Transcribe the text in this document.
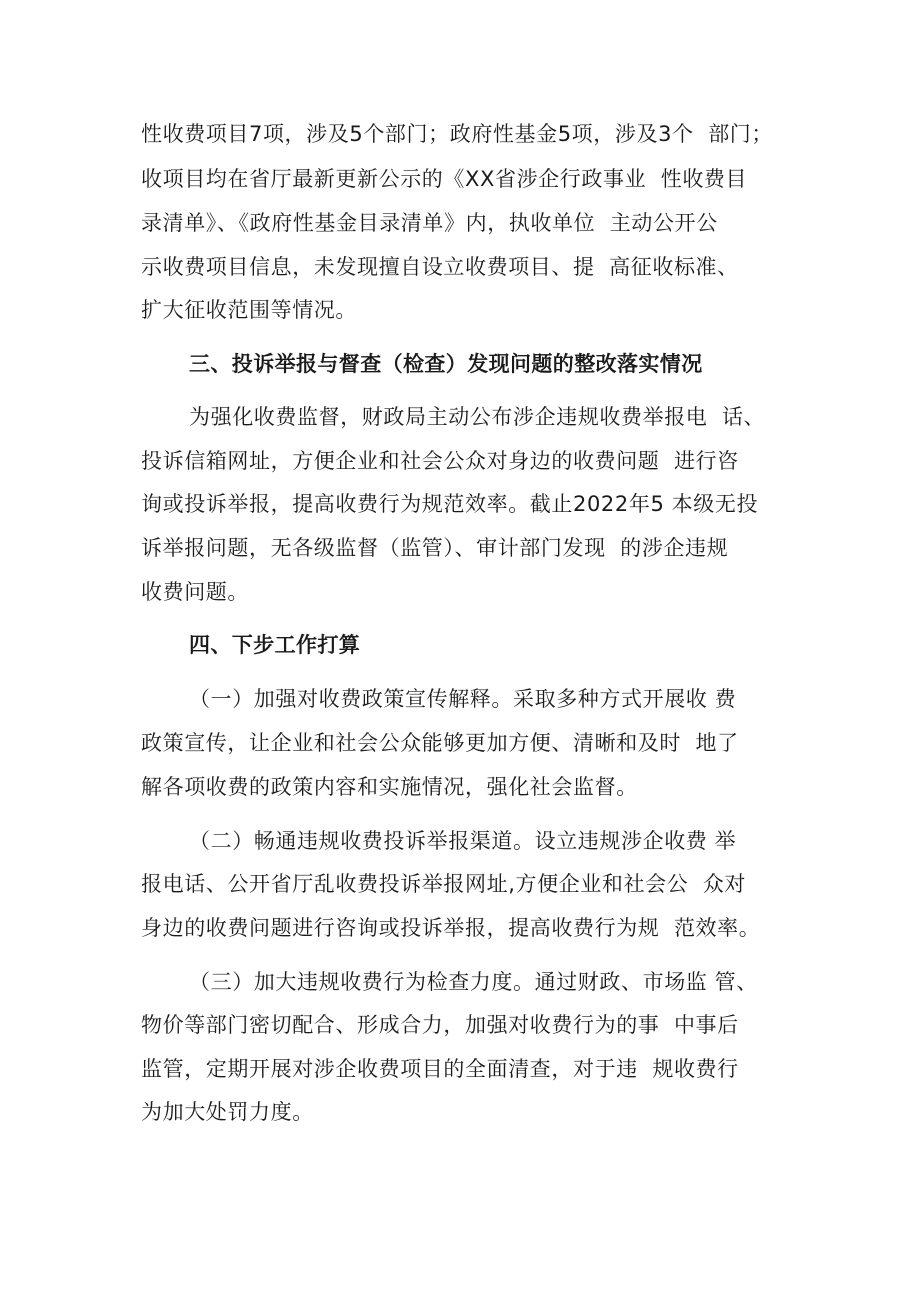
性收费项目7项，涉及5个部门；政府性基金5项，涉及3个  部门；
收项目均在省厅最新更新公示的《XX省涉企行政事业  性收费目
录清单》、《政府性基金目录清单》内，执收单位  主动公开公
示收费项目信息，未发现擅自设立收费项目、提  高征收标准、
扩大征收范围等情况。
三、投诉举报与督查（检查）发现问题的整改落实情况
为强化收费监督，财政局主动公布涉企违规收费举报电  话、
投诉信箱网址，方便企业和社会公众对身边的收费问题  进行咨
询或投诉举报，提高收费行为规范效率。截止2022年5 本级无投
诉举报问题，无各级监督（监管）、审计部门发现  的涉企违规
收费问题。
四、下步工作打算
（一）加强对收费政策宣传解释。采取多种方式开展收 费
政策宣传，让企业和社会公众能够更加方便、清晰和及时  地了
解各项收费的政策内容和实施情况，强化社会监督。
（二）畅通违规收费投诉举报渠道。设立违规涉企收费 举
报电话、公开省厅乱收费投诉举报网址,方便企业和社会公  众对
身边的收费问题进行咨询或投诉举报，提高收费行为规  范效率。
（三）加大违规收费行为检查力度。通过财政、市场监 管、
物价等部门密切配合、形成合力，加强对收费行为的事  中事后
监管，定期开展对涉企收费项目的全面清查，对于违  规收费行
为加大处罚力度。
